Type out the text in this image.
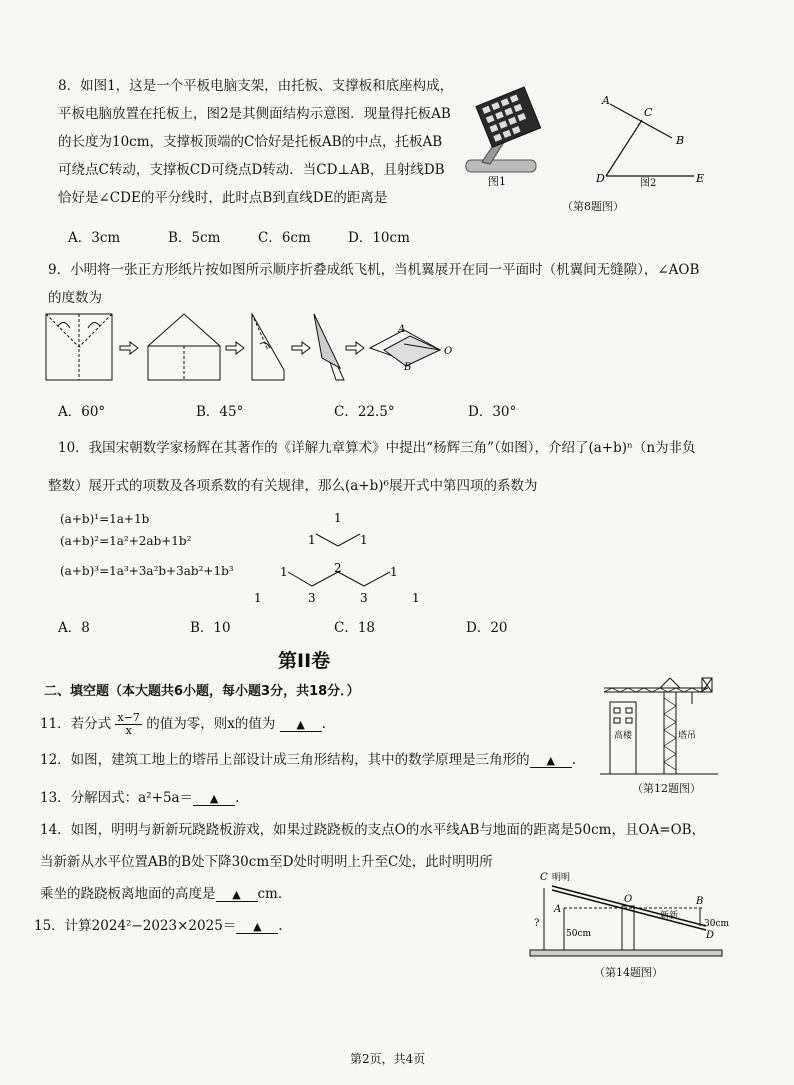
8．如图1，这是一个平板电脑支架，由托板、支撑板和底座构成，
平板电脑放置在托板上，图2是其侧面结构示意图．现量得托板AB
的长度为10cm，支撑板顶端的C恰好是托板AB的中点，托板AB
可绕点C转动，支撑板CD可绕点D转动．当CD⊥AB，且射线DB
恰好是∠CDE的平分线时，此时点B到直线DE的距离是
A．3cm	B．5cm	C．6cm	D．10cm
图1
A
C
B
D	E
图2
（第8题图）
9．小明将一张正方形纸片按如图所示顺序折叠成纸飞机，当机翼展开在同一平面时（机翼间无缝隙），∠AOB
的度数为
A
B
O
A．60°	B．45°	C．22.5°	D．30°
10．我国宋朝数学家杨辉在其著作的《详解九章算术》中提出“杨辉三角”（如图），介绍了(a+b)ⁿ（n为非负
整数）展开式的项数及各项系数的有关规律，那么(a+b)⁶展开式中第四项的系数为
(a+b)¹=1a+1b
(a+b)²=1a²+2ab+1b²
(a+b)³=1a³+3a²b+3ab²+1b³
1
1	1
1	2	1
1	3	3	1
A．8	B．10	C．18	D．20
第II卷
二、填空题（本大题共6小题，每小题3分，共18分．）
11．若分式 $\frac{x-7}{x}$ 的值为零，则x的值为 ▲ .
12．如图，建筑工地上的塔吊上部设计成三角形结构，其中的数学原理是三角形的 ▲ .
高楼	塔吊
（第12题图）
13．分解因式：a²+5a＝ ▲ .
14．如图，明明与新新玩跷跷板游戏，如果过跷跷板的支点O的水平线AB与地面的距离是50cm，且OA=OB，
当新新从水平位置AB的B处下降30cm至D处时明明上升至C处，此时明明所
乘坐的跷跷板离地面的高度是 ▲ cm．
15．计算2024²−2023×2025＝ ▲ .
C 明明
A
O	B
D
新新
50cm
30cm
?
（第14题图）
第2页，共4页
